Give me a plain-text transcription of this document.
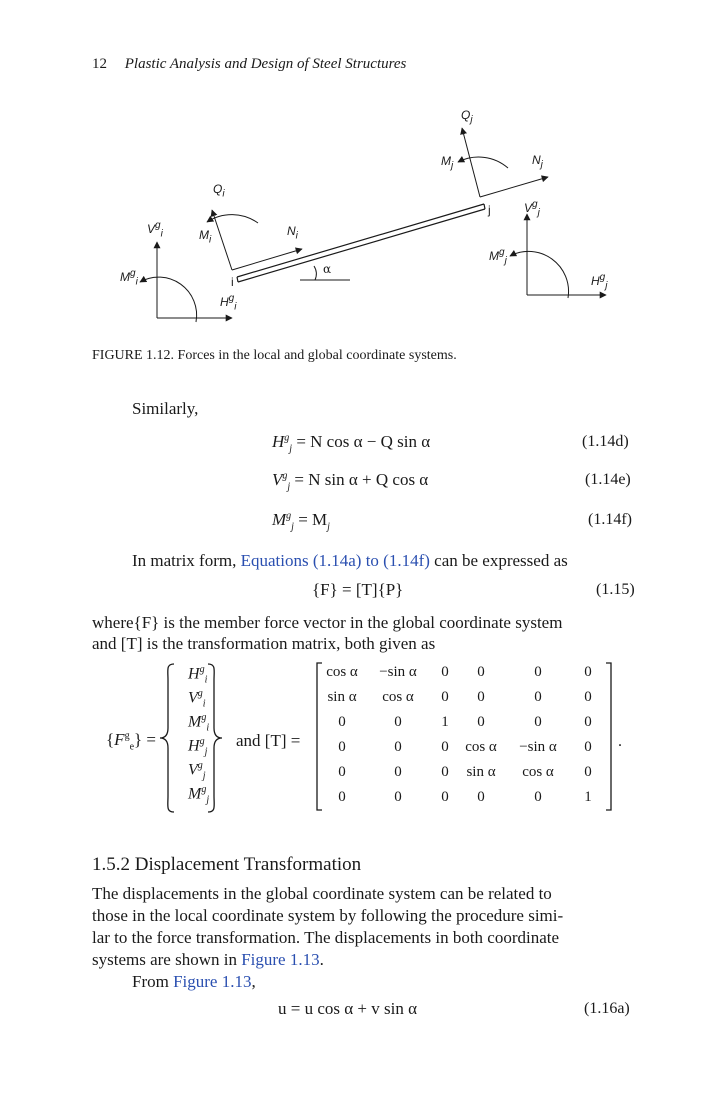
12 Plastic Analysis and Design of Steel Structures
$Q_j$
$M_j$	$N_j$
$Q_i$
$V^g_i$	$M_i$
$N_i$
j	$V^g_j$
$M^g_j$
α
$M^g_i$	i	$H^g_j$
$H^g_i$
FIGURE 1.12. Forces in the local and global coordinate systems.
Similarly,
$H^g_j = N$ cos α − Q sin α	(1.14d)
$V^g_j = N$ sin α + Q cos α	(1.14e)
$M^g_j = M_j$	(1.14f)
In matrix form, Equations (1.14a) to (1.14f) can be expressed as
{F} = [T]{P}	(1.15)
where{F} is the member force vector in the global coordinate system
and [T] is the transformation matrix, both given as
$\{F^g_e\}$ =
$H^g_i$
$V^g_i$
$M^g_i$
$H^g_j$
$V^g_j$
$M^g_j$
and [T] =	.
cos α	−sin α	0	0	0	0
sin α	cos α	0	0	0	0
0	0	1	0	0	0
0	0	0	cos α	−sin α	0
0	0	0	sin α	cos α	0
0	0	0	0	0	1
1.5.2 Displacement Transformation
The displacements in the global coordinate system can be related to
those in the local coordinate system by following the procedure simi-
lar to the force transformation. The displacements in both coordinate
systems are shown in Figure 1.13.
From Figure 1.13,
u = u cos α + v sin α	(1.16a)
